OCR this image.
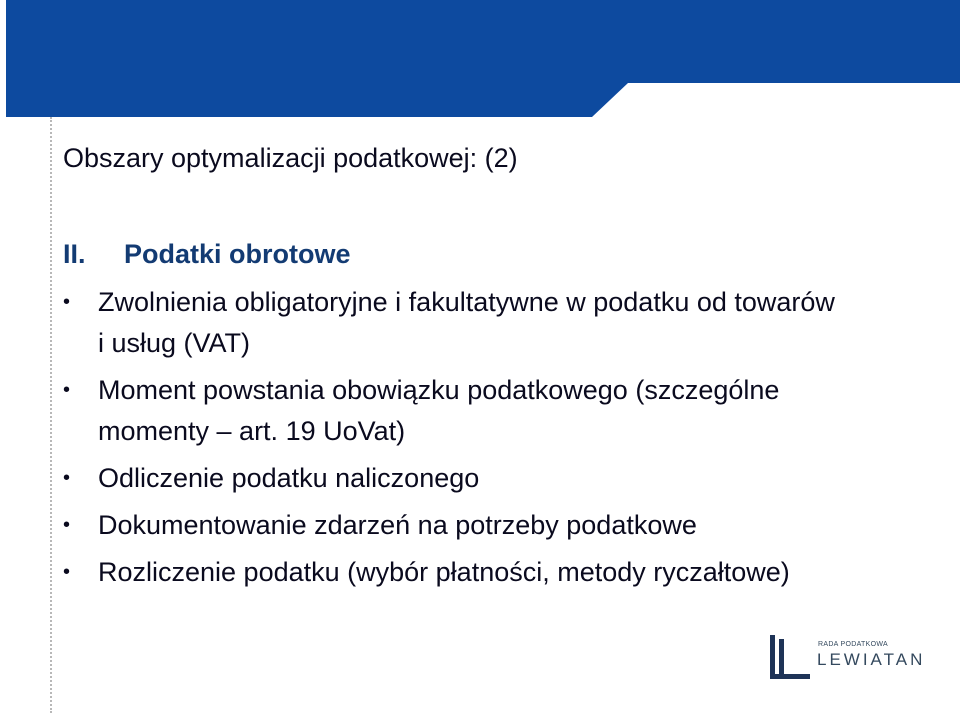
Obszary optymalizacji podatkowej: (2)
II. Podatki obrotowe
• Zwolnienia obligatoryjne i fakultatywne w podatku od towarów i usług (VAT)
• Moment powstania obowiązku podatkowego (szczególne momenty – art. 19 UoVat)
• Odliczenie podatku naliczonego
• Dokumentowanie zdarzeń na potrzeby podatkowe
• Rozliczenie podatku (wybór płatności, metody ryczałtowe)
RADA PODATKOWA
LEWIATAN
